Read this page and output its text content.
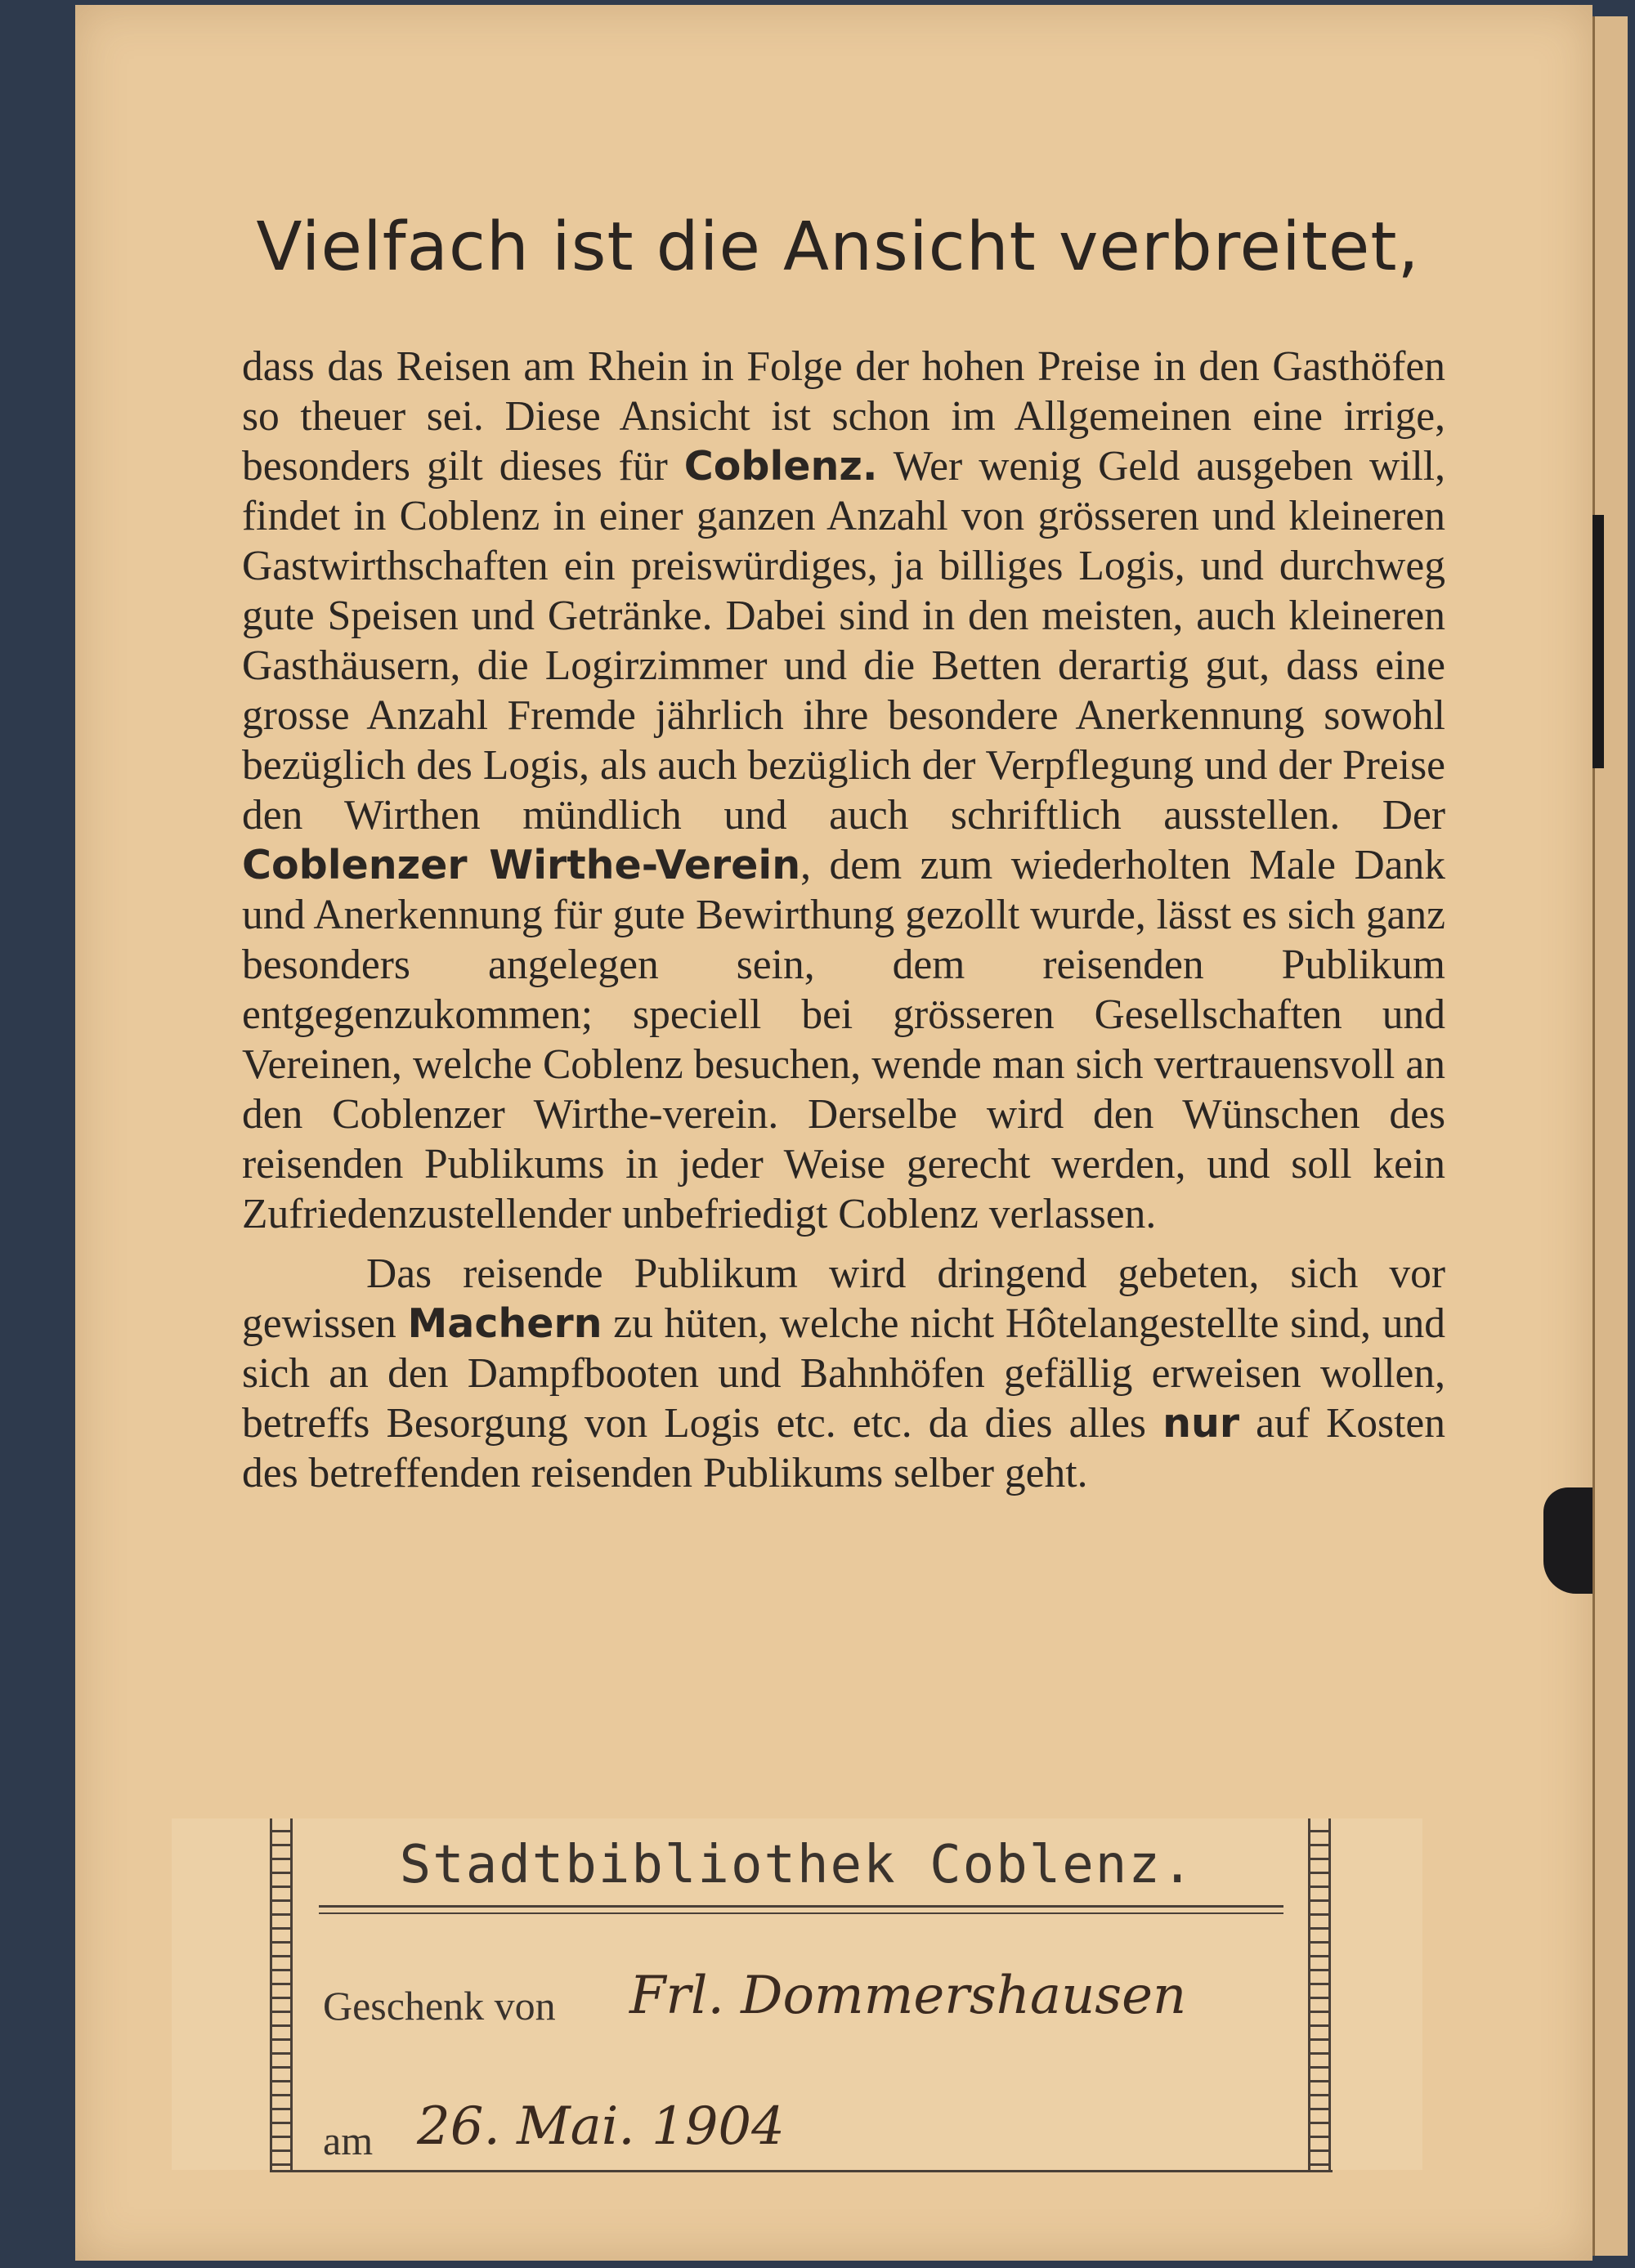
Vielfach ist die Ansicht verbreitet,

dass das Reisen am Rhein in Folge der hohen Preise in den Gasthöfen so theuer sei. Diese Ansicht ist schon im Allgemeinen eine irrige, besonders gilt dieses für Coblenz. Wer wenig Geld ausgeben will, findet in Coblenz in einer ganzen Anzahl von grösseren und kleineren Gastwirthschaften ein preiswürdiges, ja billiges Logis, und durchweg gute Speisen und Getränke. Dabei sind in den meisten, auch kleineren Gasthäusern, die Logirzimmer und die Betten derartig gut, dass eine grosse Anzahl Fremde jährlich ihre besondere Anerkennung sowohl bezüglich des Logis, als auch bezüglich der Verpflegung und der Preise den Wirthen mündlich und auch schriftlich ausstellen. Der Coblenzer Wirthe-Verein, dem zum wiederholten Male Dank und Anerkennung für gute Bewirthung gezollt wurde, lässt es sich ganz besonders angelegen sein, dem reisenden Publikum entgegenzukommen; speciell bei grösseren Gesellschaften und Vereinen, welche Coblenz besuchen, wende man sich vertrauensvoll an den Coblenzer Wirthe-verein. Derselbe wird den Wünschen des reisenden Publikums in jeder Weise gerecht werden, und soll kein Zufriedenzustellender unbefriedigt Coblenz verlassen.

Das reisende Publikum wird dringend gebeten, sich vor gewissen Machern zu hüten, welche nicht Hôtelangestellte sind, und sich an den Dampfbooten und Bahnhöfen gefällig erweisen wollen, betreffs Besorgung von Logis etc. etc. da dies alles nur auf Kosten des betreffenden reisenden Publikums selber geht.

Stadtbibliothek Coblenz.
Geschenk von Frl. Dommershausen
am 26. Mai. 1904
